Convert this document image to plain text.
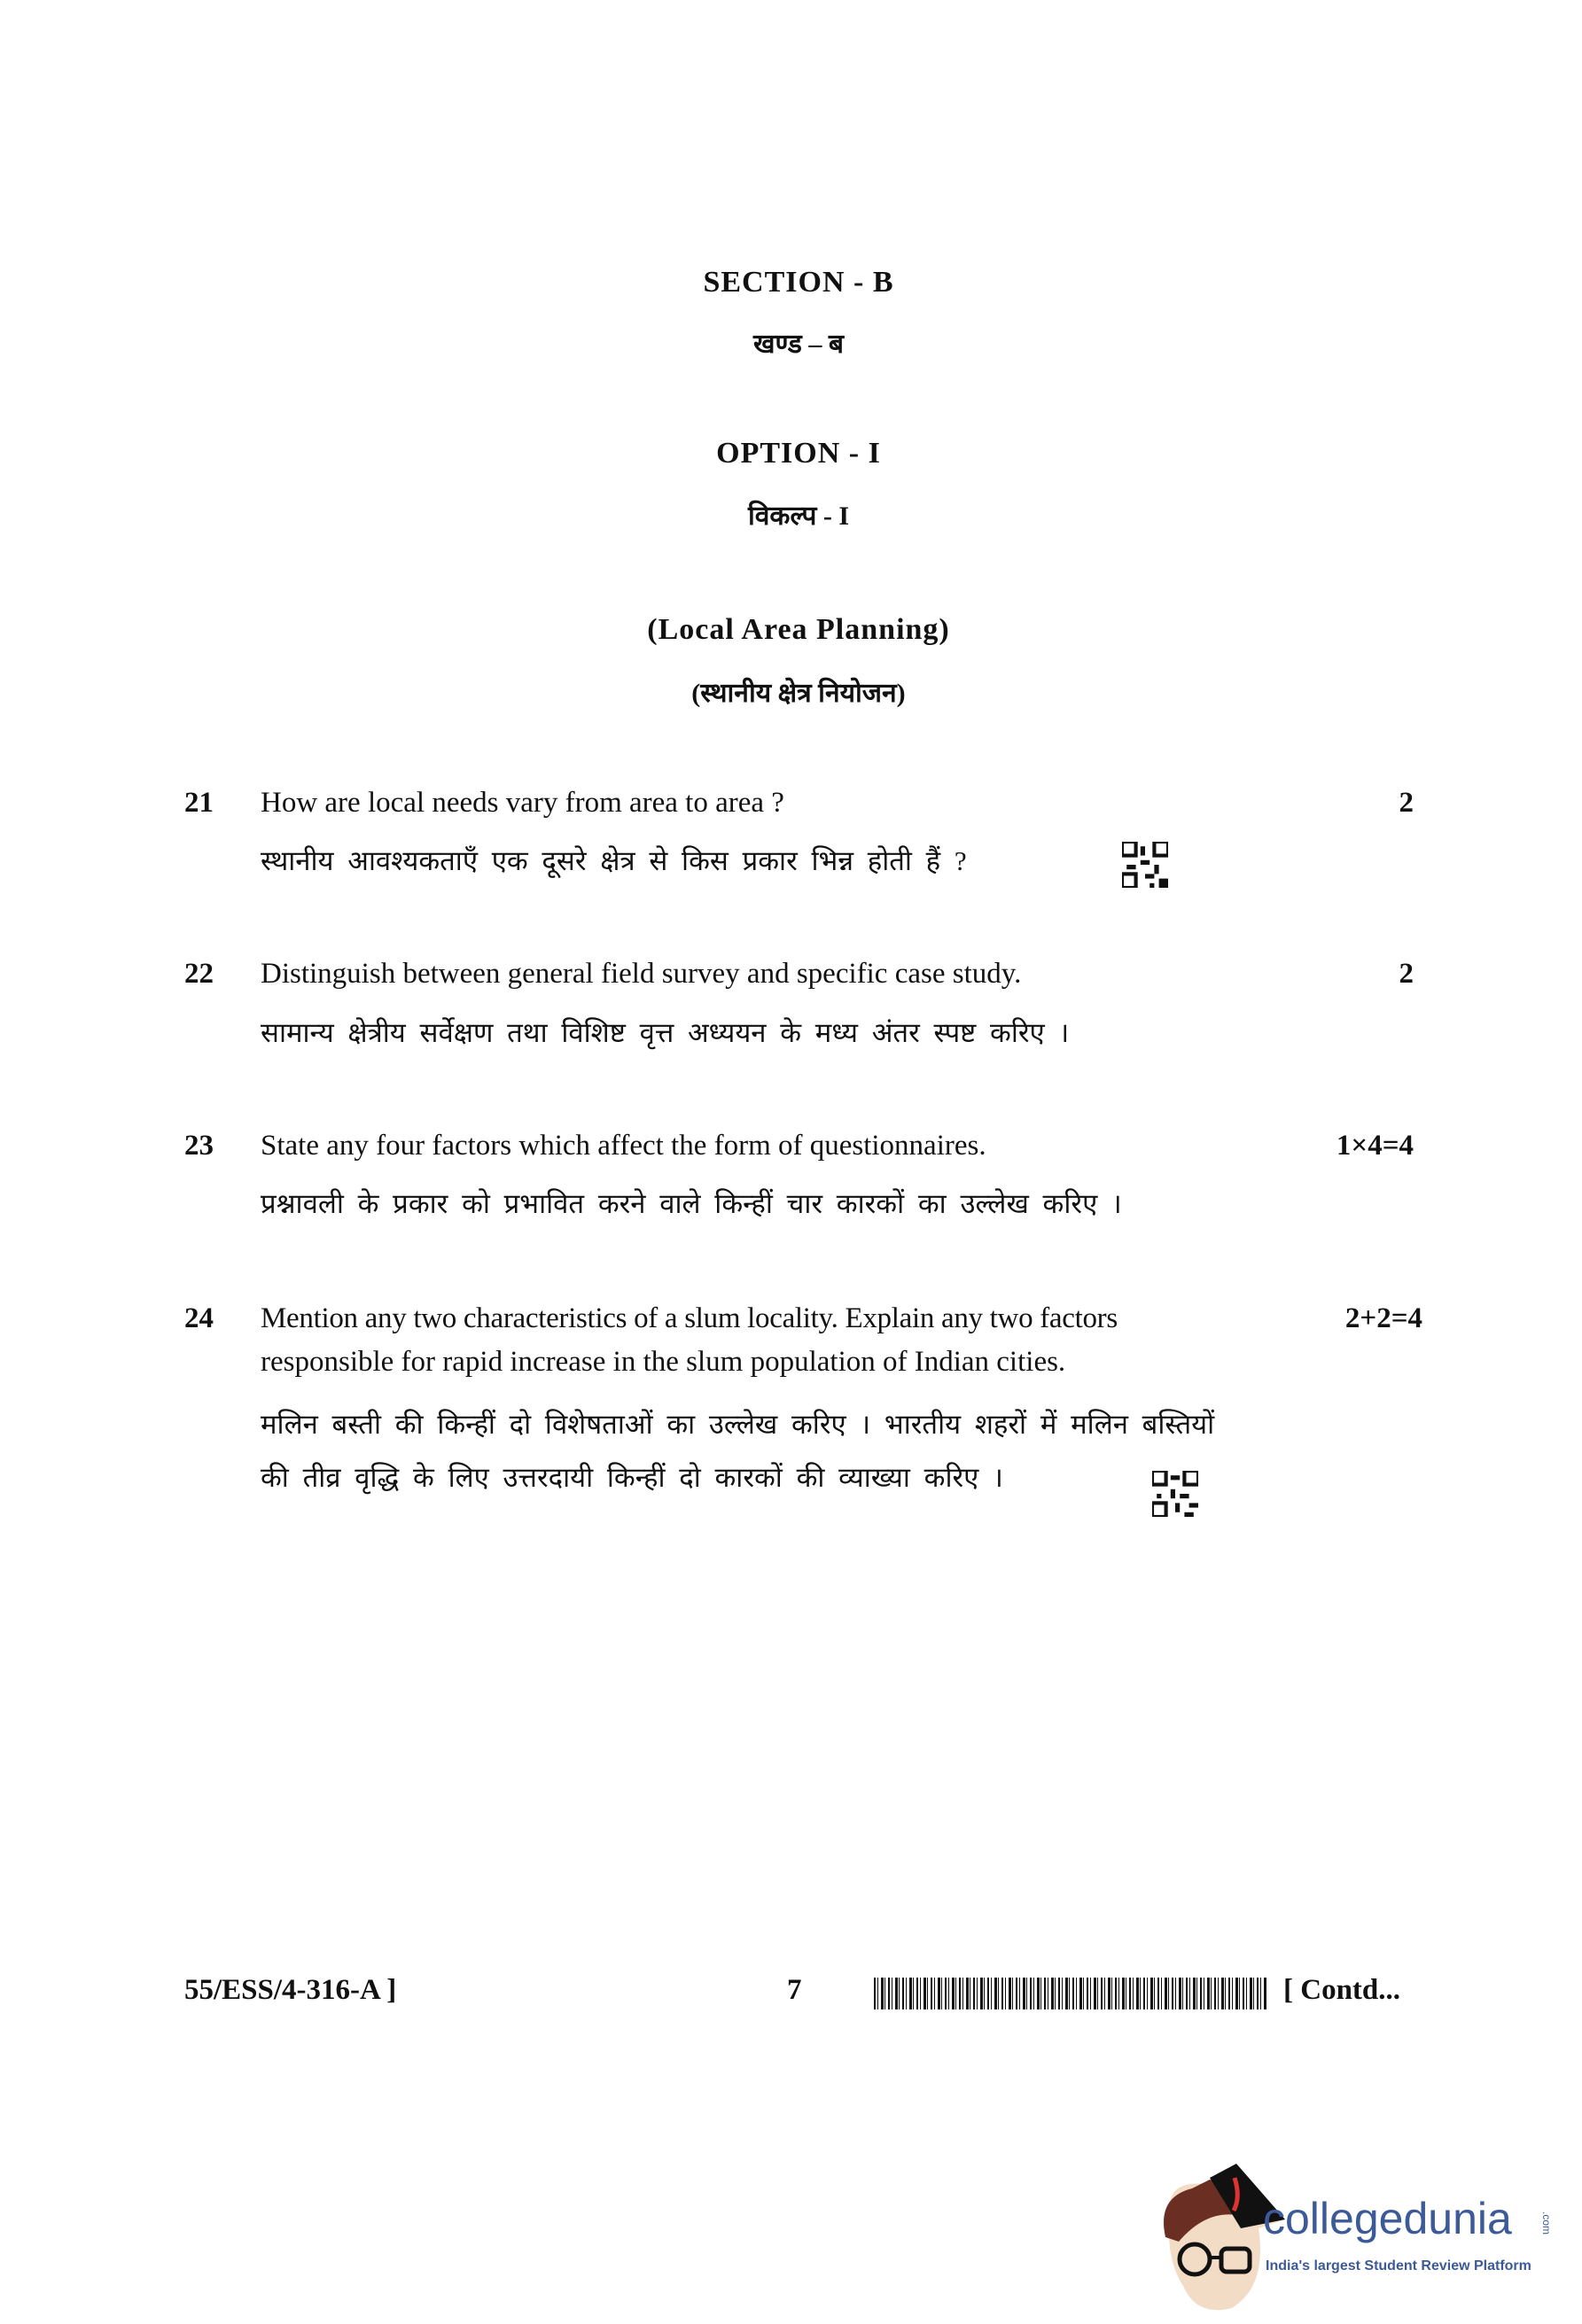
SECTION - B
खण्ड – ब
OPTION - I
विकल्प - I
(Local Area Planning)
(स्थानीय क्षेत्र नियोजन)
21 How are local needs vary from area to area ?	2
स्थानीय आवश्यकताएँ एक दूसरे क्षेत्र से किस प्रकार भिन्न होती हैं ?
22 Distinguish between general field survey and specific case study.	2
सामान्य क्षेत्रीय सर्वेक्षण तथा विशिष्ट वृत्त अध्ययन के मध्य अंतर स्पष्ट करिए ।
23 State any four factors which affect the form of questionnaires.	1×4=4
प्रश्नावली के प्रकार को प्रभावित करने वाले किन्हीं चार कारकों का उल्लेख करिए ।
24 Mention any two characteristics of a slum locality. Explain any two factors
responsible for rapid increase in the slum population of Indian cities.
2+2=4
मलिन बस्ती की किन्हीं दो विशेषताओं का उल्लेख करिए । भारतीय शहरों में मलिन बस्तियों
की तीव्र वृद्धि के लिए उत्तरदायी किन्हीं दो कारकों की व्याख्या करिए ।
55/ESS/4-316-A ]	7	[ Contd...
collegedunia	.com
India's largest Student Review Platform
